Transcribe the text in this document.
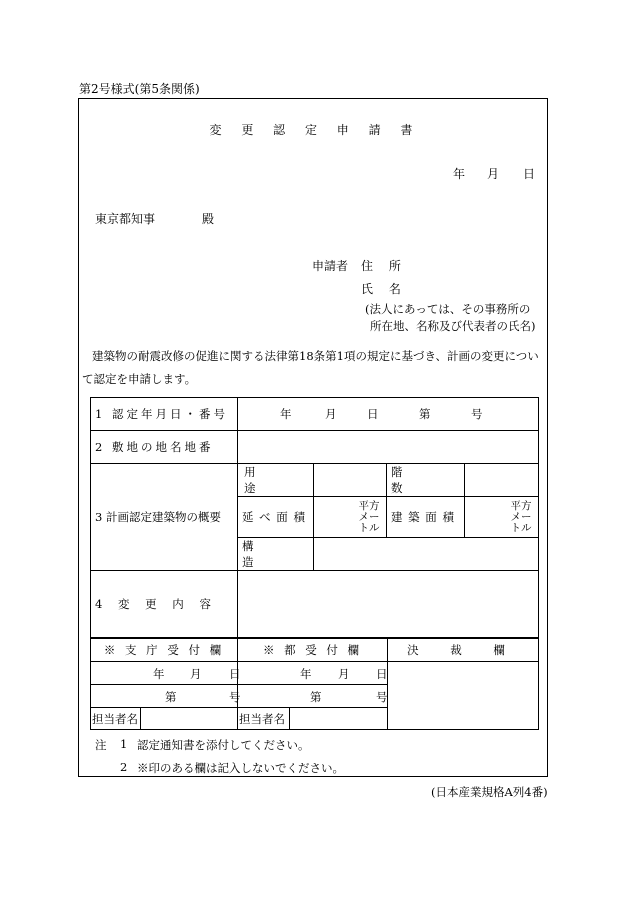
第2号様式(第5条関係)
変 更 認 定 申 請 書
年 月 日
東京都知事	殿
申請者 住 所
氏 名
(法人にあっては、その事務所の
所在地、名称及び代表者の氏名)
建築物の耐震改修の促進に関する法律第18条第1項の規定に基づき、計画の変更につい
て認定を申請します。
1 認定年月日・番号	年 月 日 第 号			

2 敷地の地名地番				
3 計画認定建築物の概要	用 途		階 数	
	延 べ 面 積	平方メートル	建 築 面 積	平方メートル

	構 造			
4 変 更 内 容				
※ 支 庁 受 付 欄		※ 都 受 付 欄		決 裁 欄

年 月 日		年 月 日		

第 号		第 号		

担当者名		担当者名		
注 1 認定通知書を添付してください。
2 ※印のある欄は記入しないでください。
(日本産業規格A列4番)
